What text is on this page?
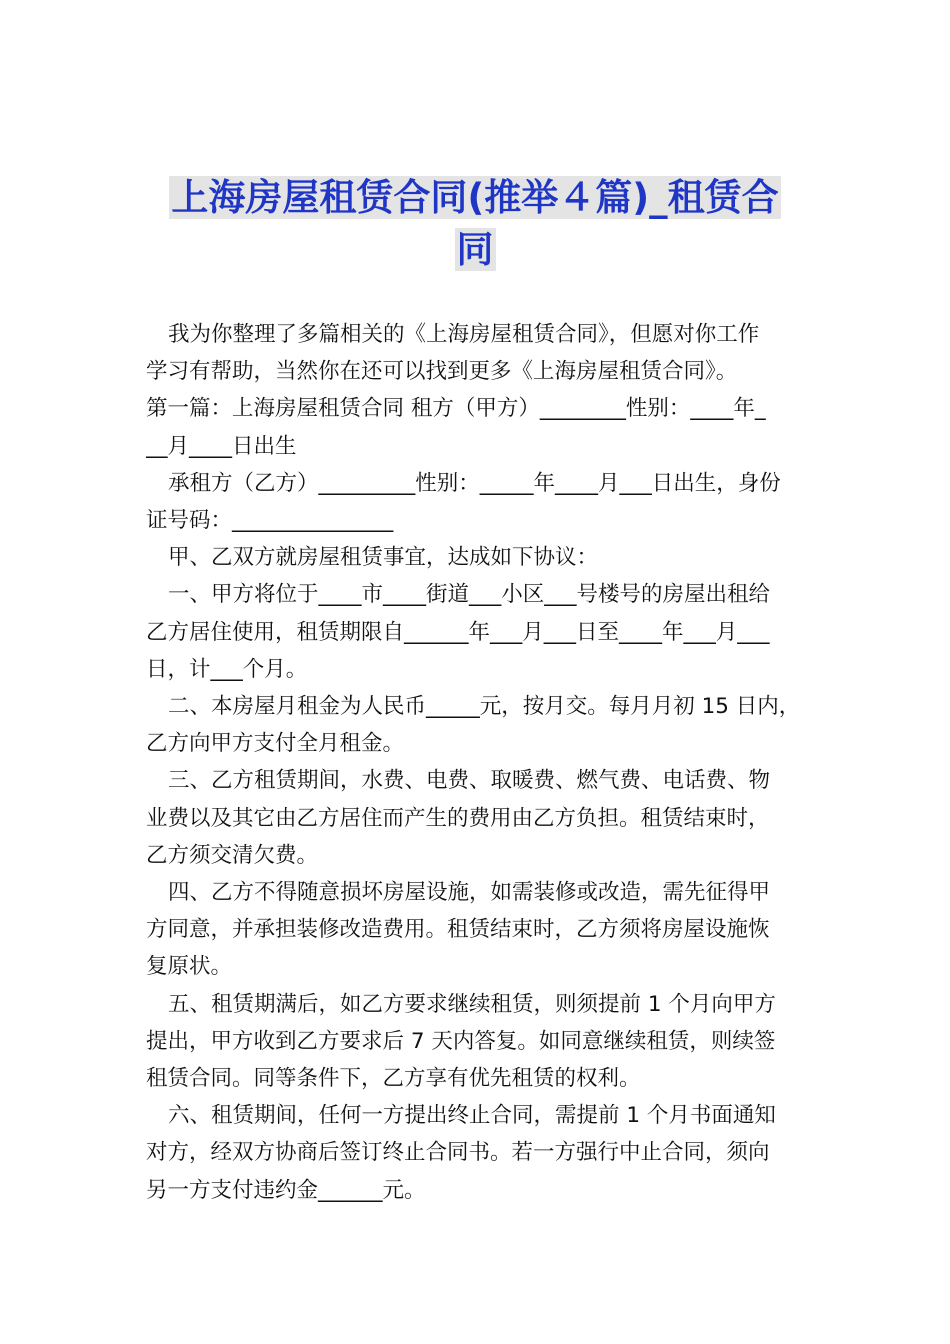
上海房屋租赁合同(推举４篇)_租赁合
同

我为你整理了多篇相关的《上海房屋租赁合同》，但愿对你工作

学习有帮助，当然你在还可以找到更多《上海房屋租赁合同》。

第一篇：上海房屋租赁合同 租方（甲方）________性别：____年_

__月____日出生

承租方（乙方）_________性别：_____年____月___日出生，身份

证号码：_______________

甲、乙双方就房屋租赁事宜，达成如下协议：

一、甲方将位于____市____街道___小区___号楼号的房屋出租给

乙方居住使用，租赁期限自______年___月___日至____年___月___

日，计___个月。

二、本房屋月租金为人民币_____元，按月交。每月月初 15 日内，

乙方向甲方支付全月租金。

三、乙方租赁期间，水费、电费、取暖费、燃气费、电话费、物

业费以及其它由乙方居住而产生的费用由乙方负担。租赁结束时，

乙方须交清欠费。

四、乙方不得随意损坏房屋设施，如需装修或改造，需先征得甲

方同意，并承担装修改造费用。租赁结束时，乙方须将房屋设施恢

复原状。

五、租赁期满后，如乙方要求继续租赁，则须提前 1 个月向甲方

提出，甲方收到乙方要求后 7 天内答复。如同意继续租赁，则续签

租赁合同。同等条件下，乙方享有优先租赁的权利。

六、租赁期间，任何一方提出终止合同，需提前 1 个月书面通知

对方，经双方协商后签订终止合同书。若一方强行中止合同，须向

另一方支付违约金______元。
